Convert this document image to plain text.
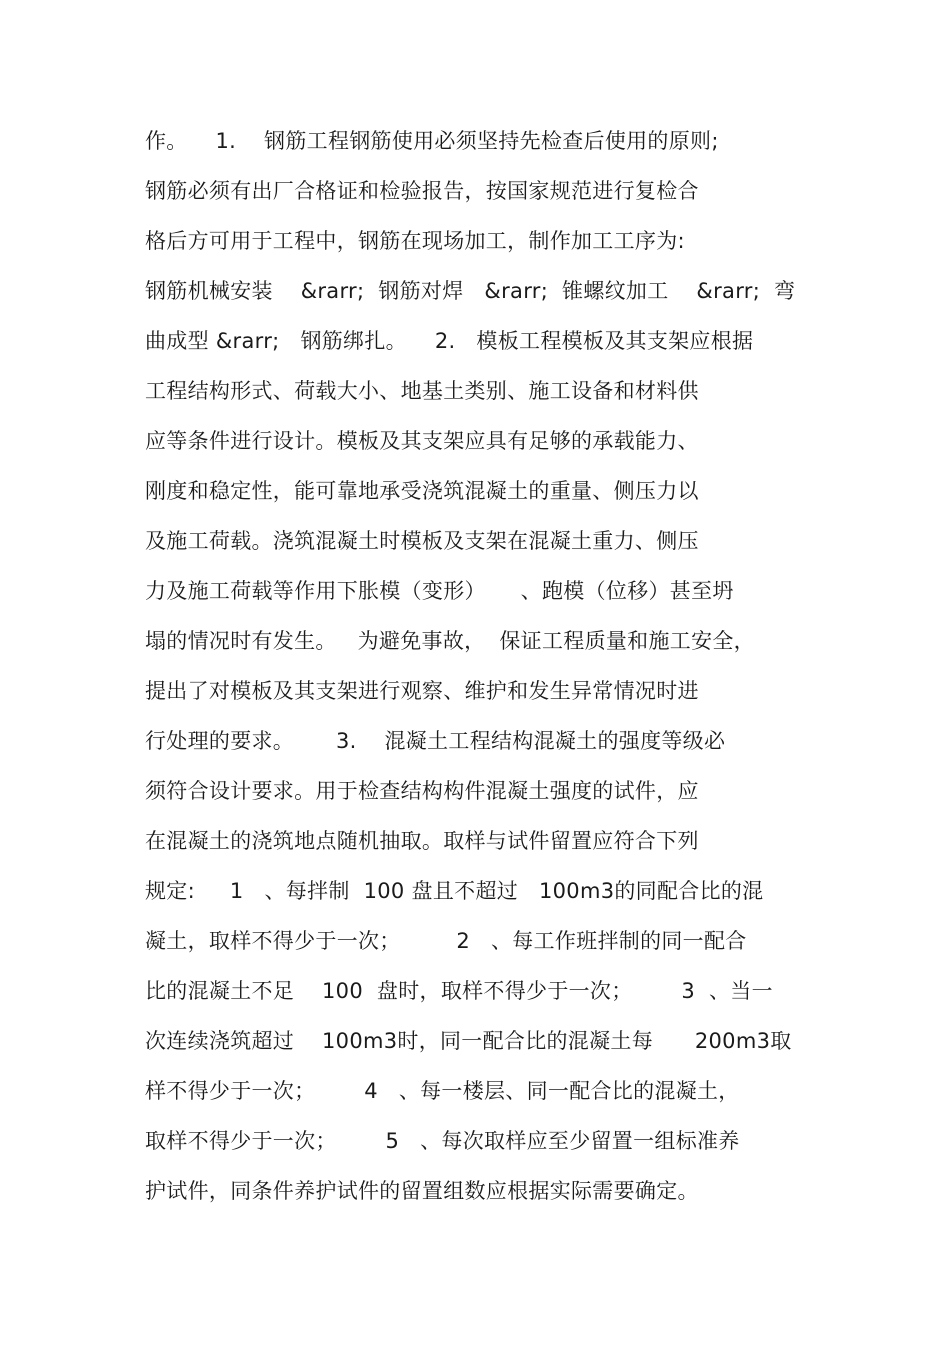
作。    1.    钢筋工程钢筋使用必须坚持先检查后使用的原则;
钢筋必须有出厂合格证和检验报告，按国家规范进行复检合
格后方可用于工程中，钢筋在现场加工，制作加工工序为:
钢筋机械安装    &rarr;  钢筋对焊   &rarr;  锥螺纹加工    &rarr;  弯
曲成型 &rarr;   钢筋绑扎。    2.   模板工程模板及其支架应根据
工程结构形式、荷载大小、地基土类别、施工设备和材料供
应等条件进行设计。模板及其支架应具有足够的承载能力、
刚度和稳定性，能可靠地承受浇筑混凝土的重量、侧压力以
及施工荷载。浇筑混凝土时模板及支架在混凝土重力、侧压
力及施工荷载等作用下胀模（变形）     、跑模（位移）甚至坍
塌的情况时有发生。   为避免事故，  保证工程质量和施工安全，
提出了对模板及其支架进行观察、维护和发生异常情况时进
行处理的要求。      3.    混凝土工程结构混凝土的强度等级必
须符合设计要求。用于检查结构构件混凝土强度的试件，应
在混凝土的浇筑地点随机抽取。取样与试件留置应符合下列
规定:     1   、每拌制  100 盘且不超过   100m3的同配合比的混
凝土，取样不得少于一次；        2   、每工作班拌制的同一配合
比的混凝土不足    100  盘时，取样不得少于一次；       3  、当一
次连续浇筑超过    100m3时，同一配合比的混凝土每      200m3取
样不得少于一次；       4   、每一楼层、同一配合比的混凝土，
取样不得少于一次；       5   、每次取样应至少留置一组标准养
护试件，同条件养护试件的留置组数应根据实际需要确定。
